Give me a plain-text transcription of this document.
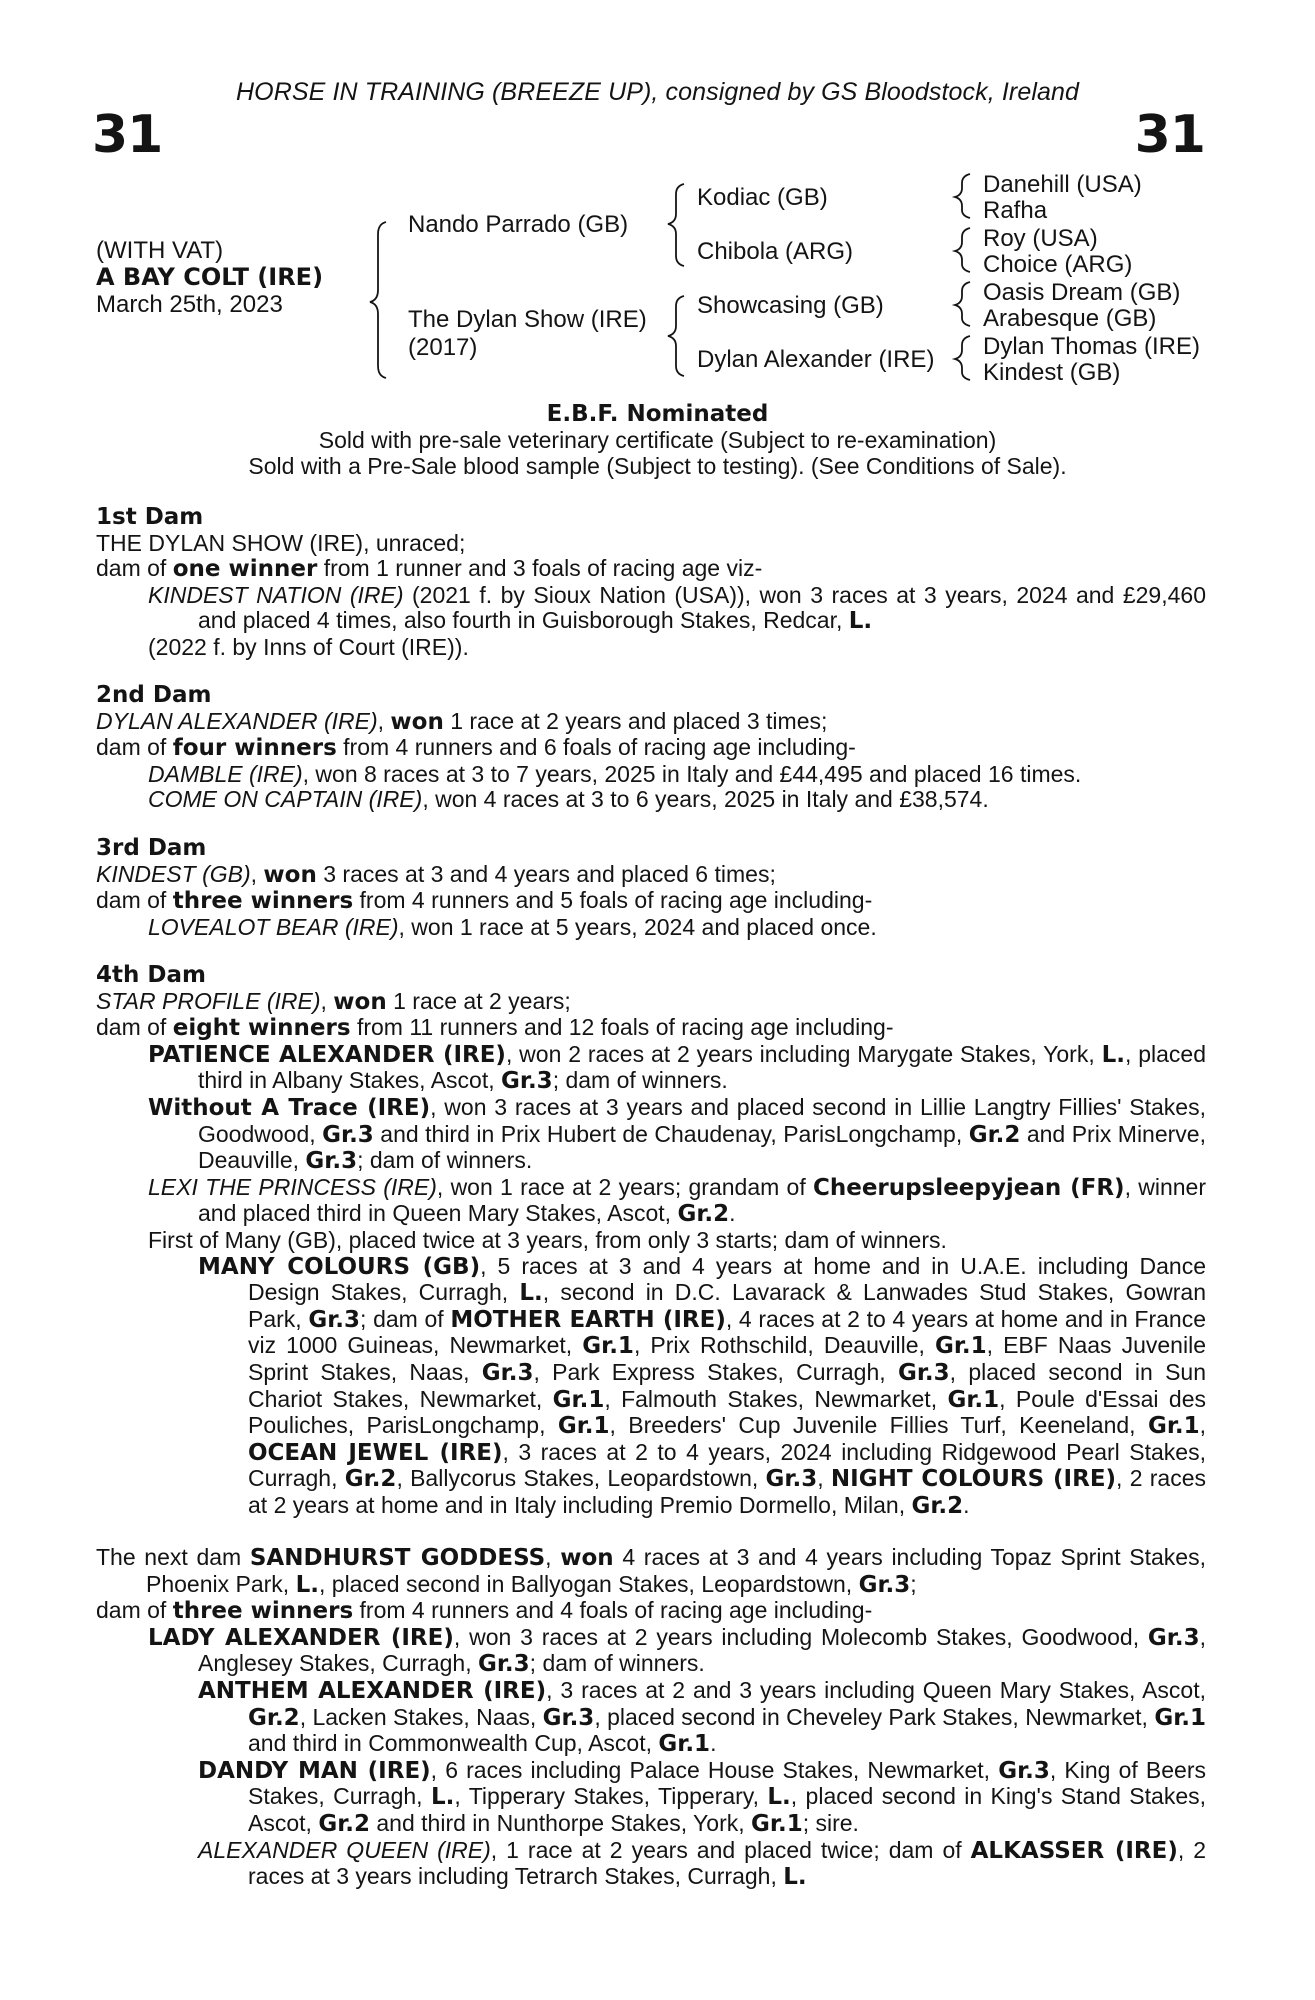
HORSE IN TRAINING (BREEZE UP), consigned by GS Bloodstock, Ireland
31	31
(WITH VAT)
A BAY COLT (IRE)
March 25th, 2023
Nando Parrado (GB)
The Dylan Show (IRE)
(2017)
Kodiac (GB)
Chibola (ARG)
Showcasing (GB)
Dylan Alexander (IRE)
Danehill (USA)
Rafha
Roy (USA)
Choice (ARG)
Oasis Dream (GB)
Arabesque (GB)
Dylan Thomas (IRE)
Kindest (GB)
E.B.F. Nominated
Sold with pre-sale veterinary certificate (Subject to re-examination)
Sold with a Pre-Sale blood sample (Subject to testing). (See Conditions of Sale).
1st Dam
THE DYLAN SHOW (IRE), unraced;
dam of one winner from 1 runner and 3 foals of racing age viz-
KINDEST NATION (IRE) (2021 f. by Sioux Nation (USA)), won 3 races at 3 years, 2024 and £29,460 and placed 4 times, also fourth in Guisborough Stakes, Redcar, L.
(2022 f. by Inns of Court (IRE)).
2nd Dam
DYLAN ALEXANDER (IRE), won 1 race at 2 years and placed 3 times;
dam of four winners from 4 runners and 6 foals of racing age including-
DAMBLE (IRE), won 8 races at 3 to 7 years, 2025 in Italy and £44,495 and placed 16 times.
COME ON CAPTAIN (IRE), won 4 races at 3 to 6 years, 2025 in Italy and £38,574.
3rd Dam
KINDEST (GB), won 3 races at 3 and 4 years and placed 6 times;
dam of three winners from 4 runners and 5 foals of racing age including-
LOVEALOT BEAR (IRE), won 1 race at 5 years, 2024 and placed once.
4th Dam
STAR PROFILE (IRE), won 1 race at 2 years;
dam of eight winners from 11 runners and 12 foals of racing age including-
PATIENCE ALEXANDER (IRE), won 2 races at 2 years including Marygate Stakes, York, L., placed third in Albany Stakes, Ascot, Gr.3; dam of winners.
Without A Trace (IRE), won 3 races at 3 years and placed second in Lillie Langtry Fillies' Stakes, Goodwood, Gr.3 and third in Prix Hubert de Chaudenay, ParisLongchamp, Gr.2 and Prix Minerve, Deauville, Gr.3; dam of winners.
LEXI THE PRINCESS (IRE), won 1 race at 2 years; grandam of Cheerupsleepyjean (FR), winner and placed third in Queen Mary Stakes, Ascot, Gr.2.
First of Many (GB), placed twice at 3 years, from only 3 starts; dam of winners.
MANY COLOURS (GB), 5 races at 3 and 4 years at home and in U.A.E. including Dance Design Stakes, Curragh, L., second in D.C. Lavarack & Lanwades Stud Stakes, Gowran Park, Gr.3; dam of MOTHER EARTH (IRE), 4 races at 2 to 4 years at home and in France viz 1000 Guineas, Newmarket, Gr.1, Prix Rothschild, Deauville, Gr.1, EBF Naas Juvenile Sprint Stakes, Naas, Gr.3, Park Express Stakes, Curragh, Gr.3, placed second in Sun Chariot Stakes, Newmarket, Gr.1, Falmouth Stakes, Newmarket, Gr.1, Poule d'Essai des Pouliches, ParisLongchamp, Gr.1, Breeders' Cup Juvenile Fillies Turf, Keeneland, Gr.1, OCEAN JEWEL (IRE), 3 races at 2 to 4 years, 2024 including Ridgewood Pearl Stakes, Curragh, Gr.2, Ballycorus Stakes, Leopardstown, Gr.3, NIGHT COLOURS (IRE), 2 races at 2 years at home and in Italy including Premio Dormello, Milan, Gr.2.
The next dam SANDHURST GODDESS, won 4 races at 3 and 4 years including Topaz Sprint Stakes, Phoenix Park, L., placed second in Ballyogan Stakes, Leopardstown, Gr.3;
dam of three winners from 4 runners and 4 foals of racing age including-
LADY ALEXANDER (IRE), won 3 races at 2 years including Molecomb Stakes, Goodwood, Gr.3, Anglesey Stakes, Curragh, Gr.3; dam of winners.
ANTHEM ALEXANDER (IRE), 3 races at 2 and 3 years including Queen Mary Stakes, Ascot, Gr.2, Lacken Stakes, Naas, Gr.3, placed second in Cheveley Park Stakes, Newmarket, Gr.1 and third in Commonwealth Cup, Ascot, Gr.1.
DANDY MAN (IRE), 6 races including Palace House Stakes, Newmarket, Gr.3, King of Beers Stakes, Curragh, L., Tipperary Stakes, Tipperary, L., placed second in King's Stand Stakes, Ascot, Gr.2 and third in Nunthorpe Stakes, York, Gr.1; sire.
ALEXANDER QUEEN (IRE), 1 race at 2 years and placed twice; dam of ALKASSER (IRE), 2 races at 3 years including Tetrarch Stakes, Curragh, L.
